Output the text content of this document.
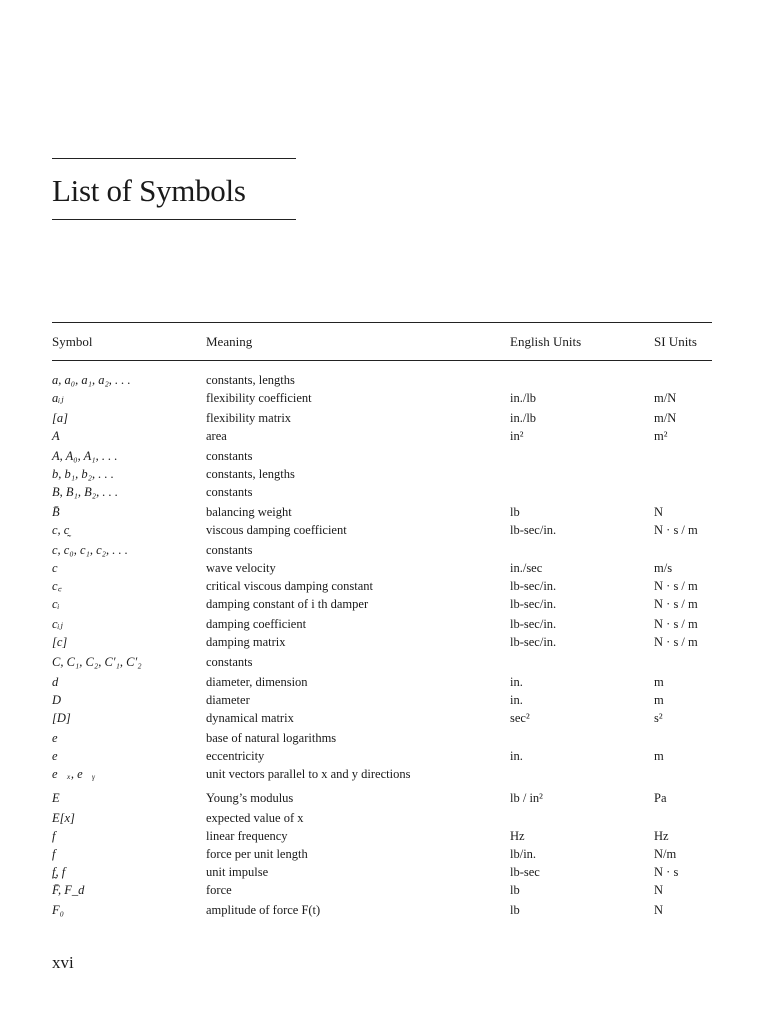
List of Symbols
Symbol	Meaning	English Units	SI Units
a, a₀, a₁, a₂, . . .	constants, lengths
aᵢⱼ	flexibility coefficient	in./lb	m/N
[a]	flexibility matrix	in./lb	m/N
A	area	in²	m²
A, A₀, A₁, . . .	constants
b, b₁, b₂, . . .	constants, lengths
B, B₁, B₂, . . .	constants
B̄	balancing weight	lb	N
c, c̰	viscous damping coefficient	lb-sec/in.	N · s / m
c, c₀, c₁, c₂, . . .	constants
c	wave velocity	in./sec	m/s
c꜀	critical viscous damping constant	lb-sec/in.	N · s / m
cᵢ	damping constant of i th damper	lb-sec/in.	N · s / m
cᵢⱼ	damping coefficient	lb-sec/in.	N · s / m
[c]	damping matrix	lb-sec/in.	N · s / m
C, C₁, C₂, C′₁, C′₂	constants
d	diameter, dimension	in.	m
D	diameter	in.	m
[D]	dynamical matrix	sec²	s²
e	base of natural logarithms
e	eccentricity	in.	m
e⃗ₓ, e⃗ᵧ	unit vectors parallel to x and y directions
E	Young’s modulus	lb / in²	Pa
E[x]	expected value of x
f	linear frequency	Hz	Hz
f	force per unit length	lb/in.	N/m
f̰, f	unit impulse	lb-sec	N · s
F̄, F_d	force	lb	N
F₀	amplitude of force F(t)	lb	N
xvi
